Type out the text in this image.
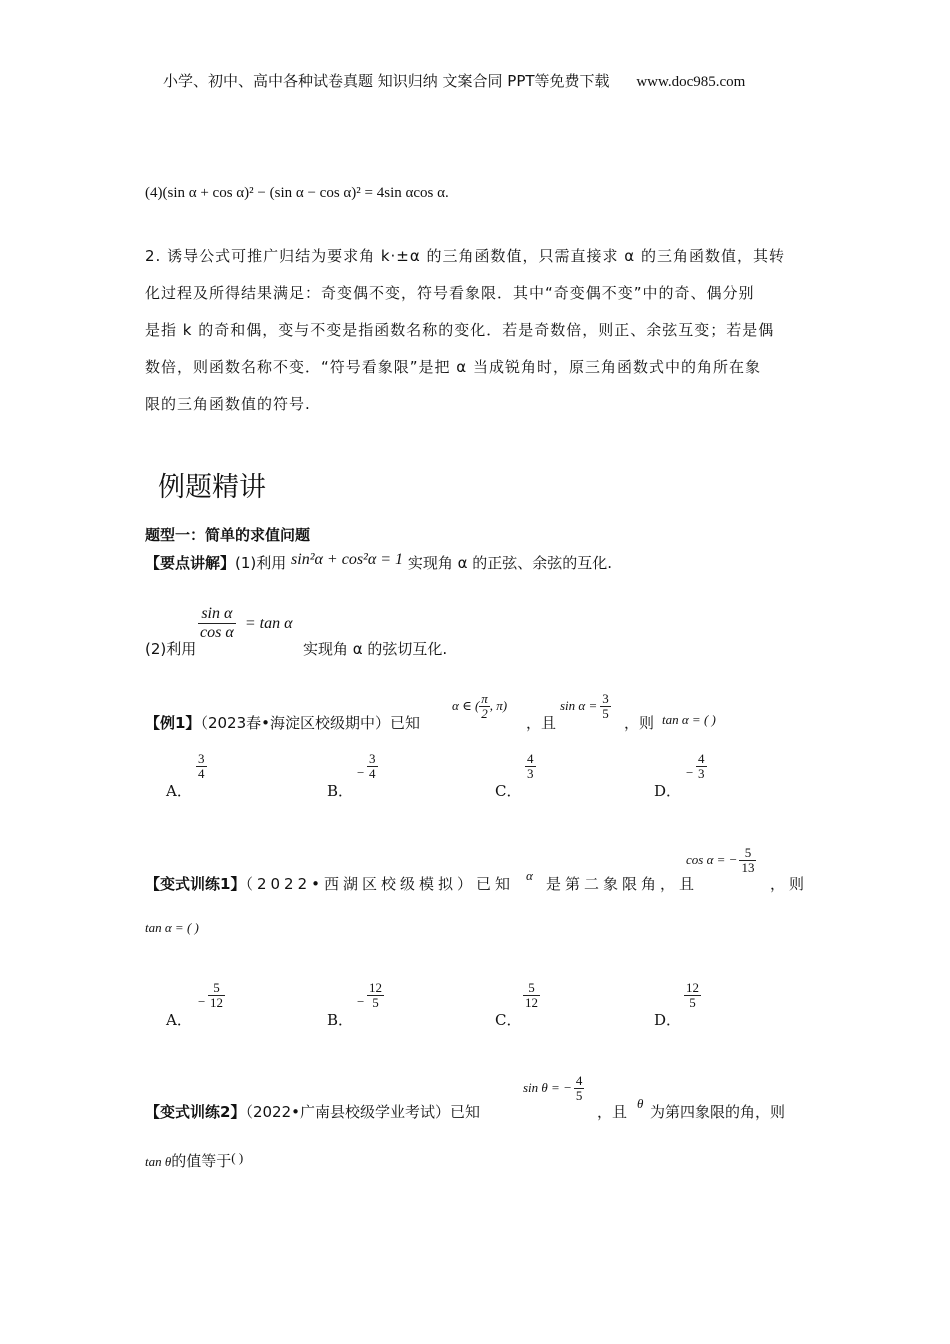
小学、初中、高中各种试卷真题 知识归纳 文案合同 PPT等免费下载 www.doc985.com
(4)(sin α + cos α)² − (sin α − cos α)² = 4sin αcos α.
2. 诱导公式可推广归结为要求角 k·±α 的三角函数值，只需直接求 α 的三角函数值，其转
化过程及所得结果满足：奇变偶不变，符号看象限．其中“奇变偶不变”中的奇、偶分别
是指 k 的奇和偶，变与不变是指函数名称的变化．若是奇数倍，则正、余弦互变；若是偶
数倍，则函数名称不变．“符号看象限”是把 α 当成锐角时，原三角函数式中的角所在象
限的三角函数值的符号.
例题精讲
题型一：简单的求值问题
【要点讲解】(1)利用 sin²α + cos²α = 1 实现角 α 的正弦、余弦的互化.
$\frac{\text{sin α}}{\text{cos α}} = \tan \alpha$
(2)利用	实现角 α 的弦切互化.
【例1】（2023春•海淀区校级期中）已知
α ∈ ( $\frac{\pi}{2}$ , π)
，且
$\sin \alpha = \frac{3}{5}$
，则 tan α = ( )
A．
$\frac{3}{4}$
B．
− $\frac{3}{4}$
C．
$\frac{4}{3}$
D．
− $\frac{4}{3}$
【变式训练1】（2022•西湖区校级模拟）已知 α 是第二象限角，且
cos α = − $\frac{5}{13}$
，则
tan α = ( )
A．
− $\frac{5}{12}$
B．
− $\frac{12}{5}$
C．
$\frac{5}{12}$
D．
$\frac{12}{5}$
【变式训练2】（2022•广南县校级学业考试）已知
sin θ = − $\frac{4}{5}$
，且 θ 为第四象限的角，则
tan θ的值等于( )
